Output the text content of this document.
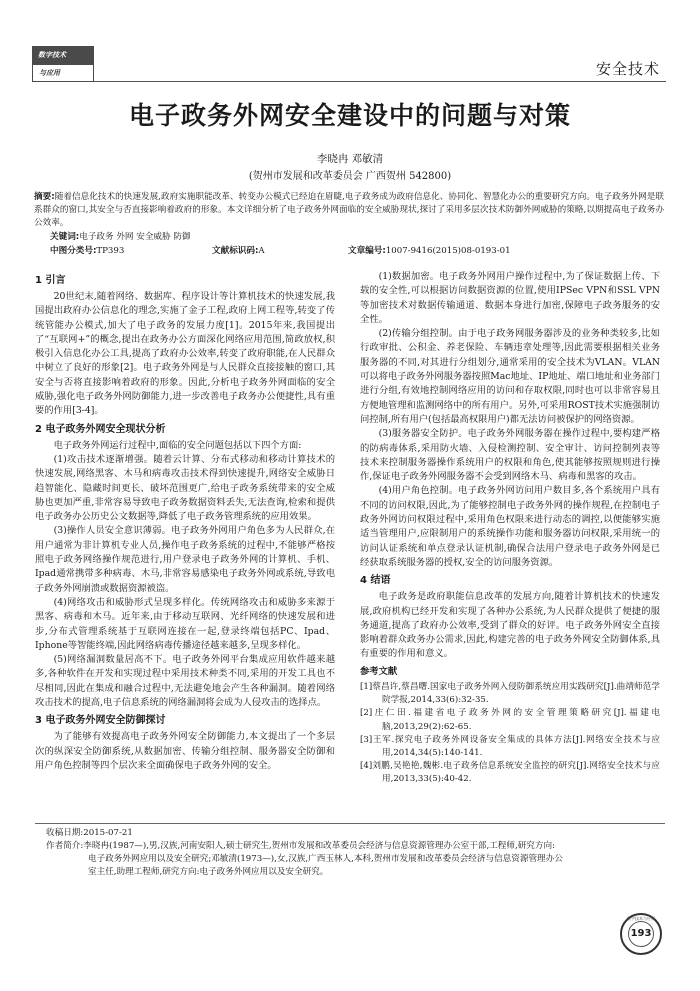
数字技术
与应用	安全技术
电子政务外网安全建设中的问题与对策
李晓冉 邓敏清
(贺州市发展和改革委员会 广西贺州 542800)
摘要:随着信息化技术的快速发展,政府实施职能改革、转变办公模式已经迫在眉睫,电子政务成为政府信息化、协同化、智慧化办公的重要研究方向。电子政务外网是联系群众的窗口,其安全与否直接影响着政府的形象。本文详细分析了电子政务外网面临的安全威胁现状,探讨了采用多层次技术防御外网威胁的策略,以期提高电子政务办公效率。
关键词:电子政务 外网 安全威胁 防御
中图分类号:TP393	文献标识码:A	文章编号:1007-9416(2015)08-0193-01
1 引言

20世纪末,随着网络、数据库、程序设计等计算机技术的快速发展,我国提出政府办公信息化的理念,实施了金子工程,政府上网工程等,转变了传统管能办公模式,加大了电子政务的发展力度[1]。2015年来,我国提出了“互联网+”的概念,提出在政务办公方面深化网络应用范围,简政放权,积极引入信息化办公工具,提高了政府办公效率,转变了政府职能,在人民群众中树立了良好的形象[2]。电子政务外网是与人民群众直接接触的窗口,其安全与否将直接影响着政府的形象。因此,分析电子政务外网面临的安全威胁,强化电子政务外网防御能力,进一步改善电子政务办公便捷性,具有重要的作用[3-4]。

2 电子政务外网安全现状分析

电子政务外网运行过程中,面临的安全问题包括以下四个方面:

(1)攻击技术逐渐增强。随着云计算、分布式移动和移动计算技术的快速发展,网络黑客、木马和病毒攻击技术得到快速提升,网络安全威胁日趋智能化、隐藏时间更长、破坏范围更广,给电子政务系统带来的安全威胁也更加严重,非常容易导致电子政务数据资料丢失,无法查询,检索和提供电子政务办公历史公文数据等,降低了电子政务管理系统的应用效果。

(3)操作人员安全意识薄弱。电子政务外网用户角色多为人民群众,在用户通常为非计算机专业人员,操作电子政务系统的过程中,不能够严格按照电子政务网络操作规范进行,用户登录电子政务外网的计算机、手机、Ipad通常携带多种病毒、木马,非常容易感染电子政务外网或系统,导致电子政务外网崩溃或数据资源被盗。

(4)网络攻击和威胁形式呈现多样化。传统网络攻击和威胁多来源于黑客、病毒和木马。近年来,由于移动互联网、光纤网络的快速发展和进步,分布式管理系统基于互联网连接在一起,登录终端包括PC、Ipad、Iphone等智能终端,因此网络病毒传播途径越来越多,呈现多样化。

(5)网络漏洞数量居高不下。电子政务外网平台集成应用软件越来越多,各种软件在开发和实现过程中采用技术种类不同,采用的开发工具也不尽相同,因此在集成和融合过程中,无法避免地会产生各种漏洞。随着网络攻击技术的提高,电子信息系统的网络漏洞将会成为人侵攻击的选择点。

3 电子政务外网安全防御探讨

为了能够有效提高电子政务外网安全防御能力,本文提出了一个多层次的纵深安全防御系统,从数据加密、传输分组控制、服务器安全防御和用户角色控制等四个层次来全面确保电子政务外网的安全。

(1)数据加密。电子政务外网用户操作过程中,为了保证数据上传、下载的安全性,可以根据访问数据资源的位置,使用IPSec VPN和SSL VPN等加密技术对数据传输通道、数据本身进行加密,保障电子政务服务的安全性。

(2)传输分组控制。由于电子政务网服务器涉及的业务种类较多,比如行政审批、公积金、养老保险、车辆违章处理等,因此需要根据相关业务服务器的不同,对其进行分组划分,通常采用的安全技术为VLAN。VLAN可以将电子政务外网服务器按照Mac地址、IP地址、端口地址和业务部门进行分组,有效地控制网络应用的访问和存取权限,同时也可以非常容易且方便地管理和监测网络中的所有用户。另外,可采用ROST技术实施强制访问控制,所有用户(包括最高权限用户)都无法访问被保护的网络资源。

(3)服务器安全防护。电子政务外网服务器在操作过程中,要构建严格的防病毒体系,采用防火墙、入侵检测控制、安全审计、访问控制列表等技术来控制服务器操作系统用户的权限和角色,使其能够按照规则进行操作,保证电子政务外网服务器不会受到网络木马、病毒和黑客的攻击。

(4)用户角色控制。电子政务外网访问用户数目多,各个系统用户具有不同的访问权限,因此,为了能够控制电子政务外网的操作规程,在控制电子政务外网访问权限过程中,采用角色权限来进行动态的调控,以便能够实施适当管理用户,应限制用户的系统操作功能和服务器访问权限,采用统一的访问认证系统和单点登录认证机制,确保合法用户登录电子政务外网是已经获取系统服务器的授权,安全的访问服务资源。

4 结语

电子政务是政府职能信息改革的发展方向,随着计算机技术的快速发展,政府机构已经开发和实现了各种办公系统,为人民群众提供了便捷的服务通道,提高了政府办公效率,受到了群众的好评。电子政务外网安全直接影响着群众政务办公需求,因此,构建完善的电子政务外网安全防御体系,具有重要的作用和意义。

参考文献
[1]蔡昌许,蔡昌曙.国家电子政务外网入侵防御系统应用实践研究[J].曲靖师范学院学报,2014,33(6):32-35.
[2]庄仁田.福建省电子政务外网的安全管理策略研究[J].福建电脑,2013,29(2):62-65.
[3]王军.探究电子政务外网设备安全集成的具体方法[J].网络安全技术与应用,2014,34(5):140-141.
[4]刘鹏,吴艳艳,魏彬.电子政务信息系统安全监控的研究[J].网络安全技术与应用,2013,33(5):40-42.
收稿日期:2015-07-21
作者简介:李晓冉(1987—),男,汉族,河南安阳人,硕士研究生,贺州市发展和改革委员会经济与信息资源管理办公室干部,工程师,研究方向:
电子政务外网应用以及安全研究;邓敏清(1973—),女,汉族,广西玉林人,本科,贺州市发展和改革委员会经济与信息资源管理办公
室主任,助理工程师,研究方向:电子政务外网应用以及安全研究。
数字技术与应用
193
